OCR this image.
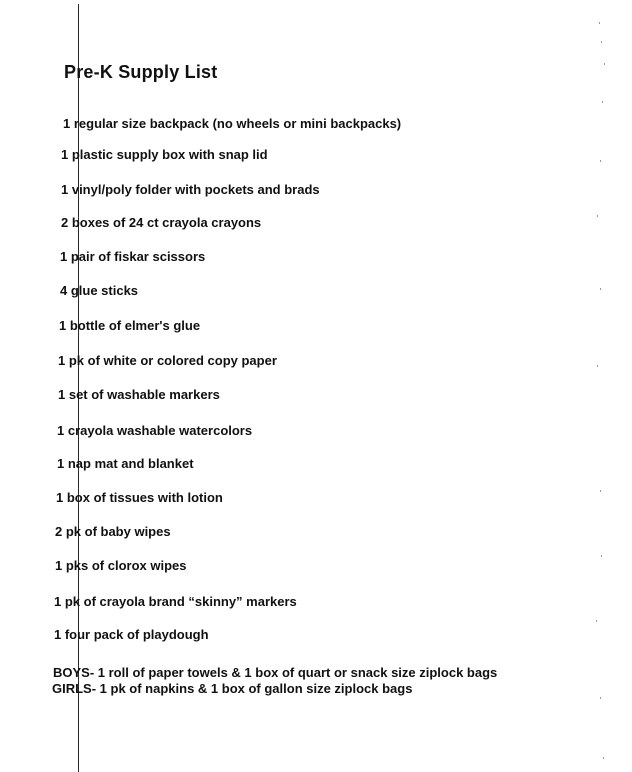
Pre-K Supply List

1 regular size backpack (no wheels or mini backpacks)

1 plastic supply box with snap lid

1 vinyl/poly folder with pockets and brads

2 boxes of 24 ct crayola crayons

1 pair of fiskar scissors

4 glue sticks

1 bottle of elmer's glue

1 pk of white or colored copy paper

1 set of washable markers

1 crayola washable watercolors

1 nap mat and blanket

1 box of tissues with lotion

2 pk of baby wipes

1 pks of clorox wipes

1 pk of crayola brand “skinny” markers

1 four pack of playdough

BOYS- 1 roll of paper towels & 1 box of quart or snack size ziplock bags

GIRLS- 1 pk of napkins & 1 box of gallon size ziplock bags
